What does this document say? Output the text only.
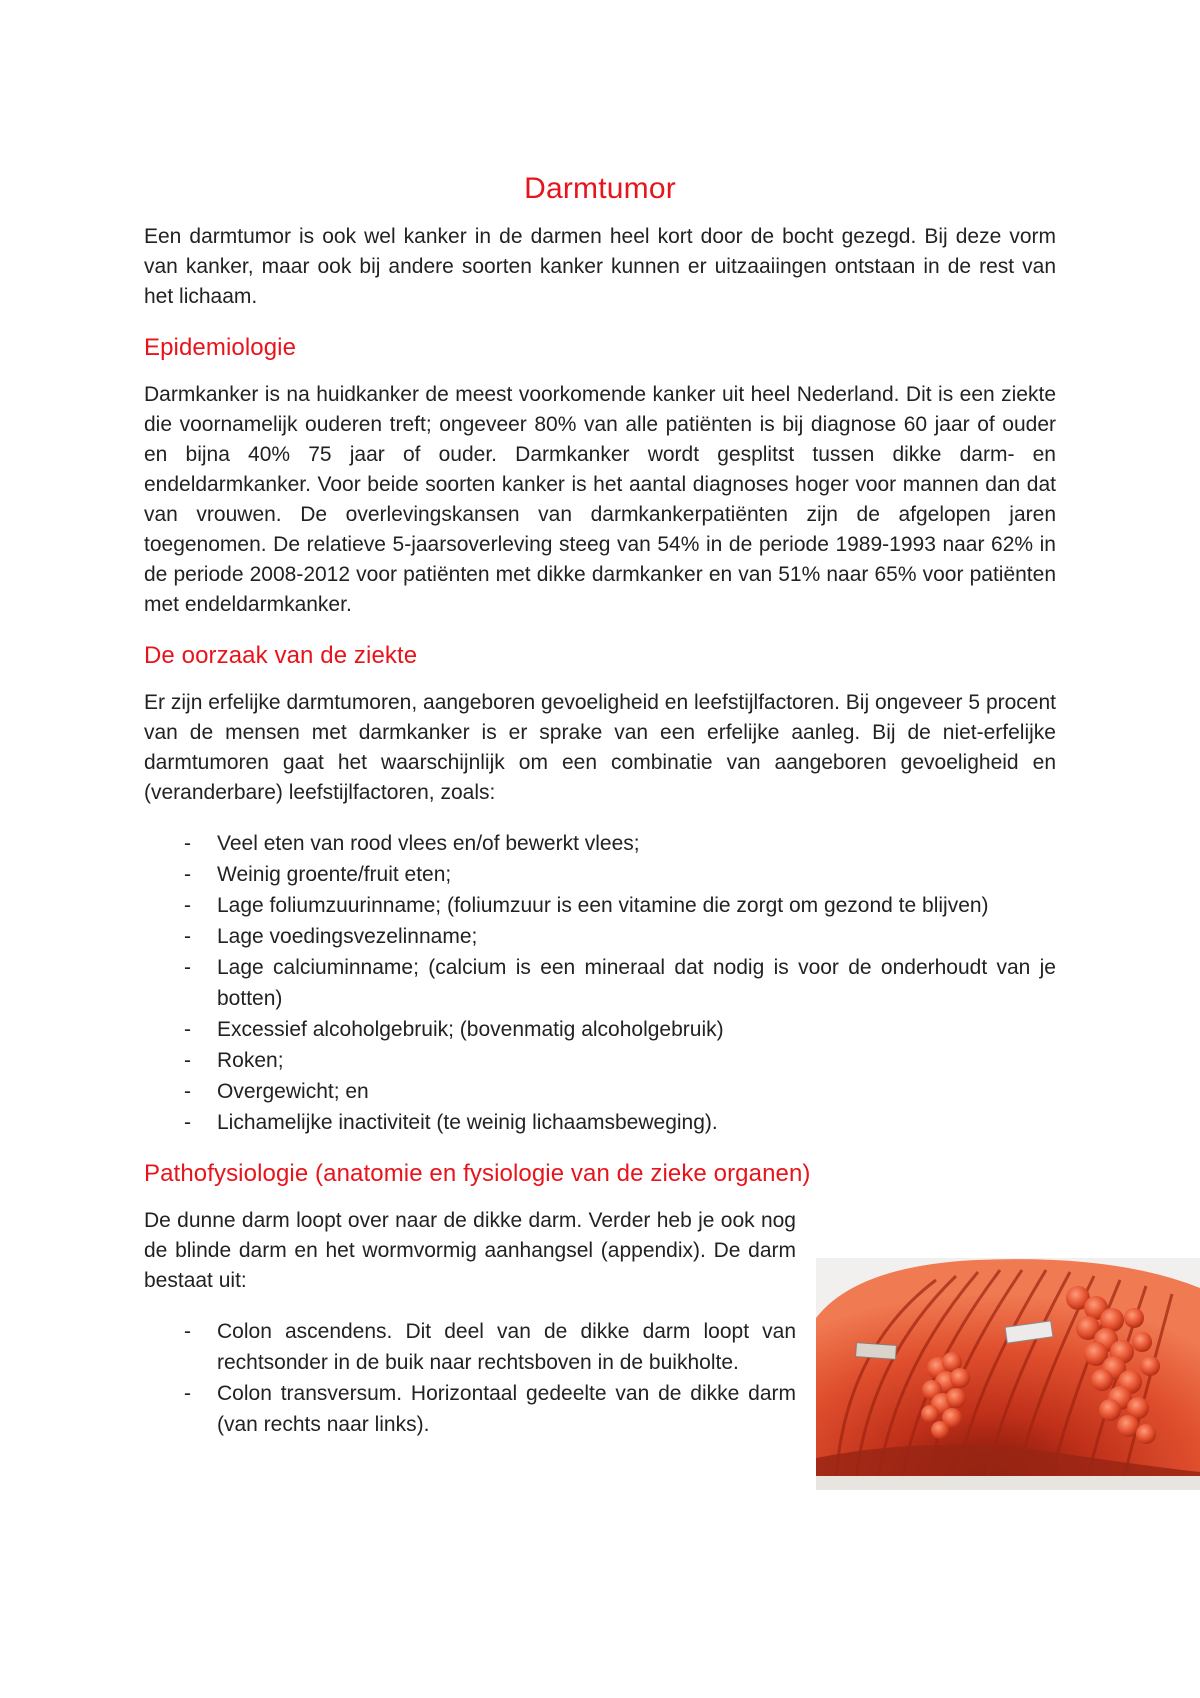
Darmtumor

Een darmtumor is ook wel kanker in de darmen heel kort door de bocht gezegd. Bij deze vorm van kanker, maar ook bij andere soorten kanker kunnen er uitzaaiingen ontstaan in de rest van het lichaam.

Epidemiologie

Darmkanker is na huidkanker de meest voorkomende kanker uit heel Nederland. Dit is een ziekte die voornamelijk ouderen treft; ongeveer 80% van alle patiënten is bij diagnose 60 jaar of ouder en bijna 40% 75 jaar of ouder. Darmkanker wordt gesplitst tussen dikke darm- en endeldarmkanker. Voor beide soorten kanker is het aantal diagnoses hoger voor mannen dan dat van vrouwen. De overlevingskansen van darmkankerpatiënten zijn de afgelopen jaren toegenomen. De relatieve 5-jaarsoverleving steeg van 54% in de periode 1989-1993 naar 62% in de periode 2008-2012 voor patiënten met dikke darmkanker en van 51% naar 65% voor patiënten met endeldarmkanker.

De oorzaak van de ziekte

Er zijn erfelijke darmtumoren, aangeboren gevoeligheid en leefstijlfactoren. Bij ongeveer 5 procent van de mensen met darmkanker is er sprake van een erfelijke aanleg. Bij de niet-erfelijke darmtumoren gaat het waarschijnlijk om een combinatie van aangeboren gevoeligheid en (veranderbare) leefstijlfactoren, zoals:

- Veel eten van rood vlees en/of bewerkt vlees;
- Weinig groente/fruit eten;
- Lage foliumzuurinname; (foliumzuur is een vitamine die zorgt om gezond te blijven)
- Lage voedingsvezelinname;
- Lage calciuminname; (calcium is een mineraal dat nodig is voor de onderhoudt van je botten)
- Excessief alcoholgebruik; (bovenmatig alcoholgebruik)
- Roken;
- Overgewicht; en
- Lichamelijke inactiviteit (te weinig lichaamsbeweging).
Pathofysiologie (anatomie en fysiologie van de zieke organen)

De dunne darm loopt over naar de dikke darm. Verder heb je ook nog de blinde darm en het wormvormig aanhangsel (appendix). De darm bestaat uit:

- Colon ascendens. Dit deel van de dikke darm loopt van rechtsonder in de buik naar rechtsboven in de buikholte.
- Colon transversum. Horizontaal gedeelte van de dikke darm (van rechts naar links).
